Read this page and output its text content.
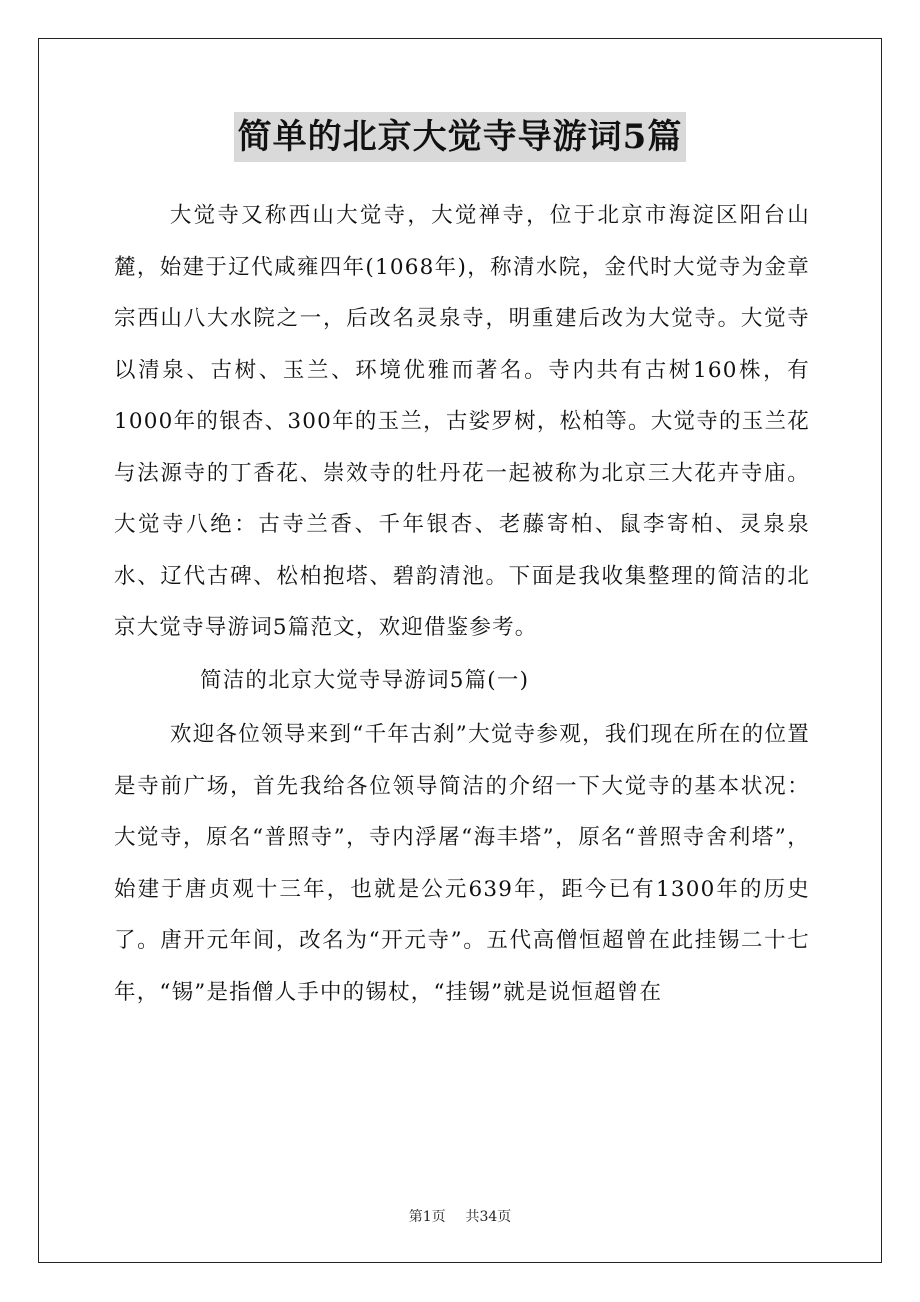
简单的北京大觉寺导游词5篇

大觉寺又称西山大觉寺，大觉禅寺，位于北京市海淀区阳台山麓，始建于辽代咸雍四年(1068年)，称清水院，金代时大觉寺为金章宗西山八大水院之一，后改名灵泉寺，明重建后改为大觉寺。大觉寺以清泉、古树、玉兰、环境优雅而著名。寺内共有古树160株，有1000年的银杏、300年的玉兰，古娑罗树，松柏等。大觉寺的玉兰花与法源寺的丁香花、崇效寺的牡丹花一起被称为北京三大花卉寺庙。大觉寺八绝：古寺兰香、千年银杏、老藤寄柏、鼠李寄柏、灵泉泉水、辽代古碑、松柏抱塔、碧韵清池。下面是我收集整理的简洁的北京大觉寺导游词5篇范文，欢迎借鉴参考。

简洁的北京大觉寺导游词5篇(一)

欢迎各位领导来到“千年古刹”大觉寺参观，我们现在所在的位置是寺前广场，首先我给各位领导简洁的介绍一下大觉寺的基本状况：大觉寺，原名“普照寺”，寺内浮屠“海丰塔”，原名“普照寺舍利塔”，始建于唐贞观十三年，也就是公元639年，距今已有1300年的历史了。唐开元年间，改名为“开元寺”。五代高僧恒超曾在此挂锡二十七年，“锡”是指僧人手中的锡杖，“挂锡”就是说恒超曾在

第1页 共34页
